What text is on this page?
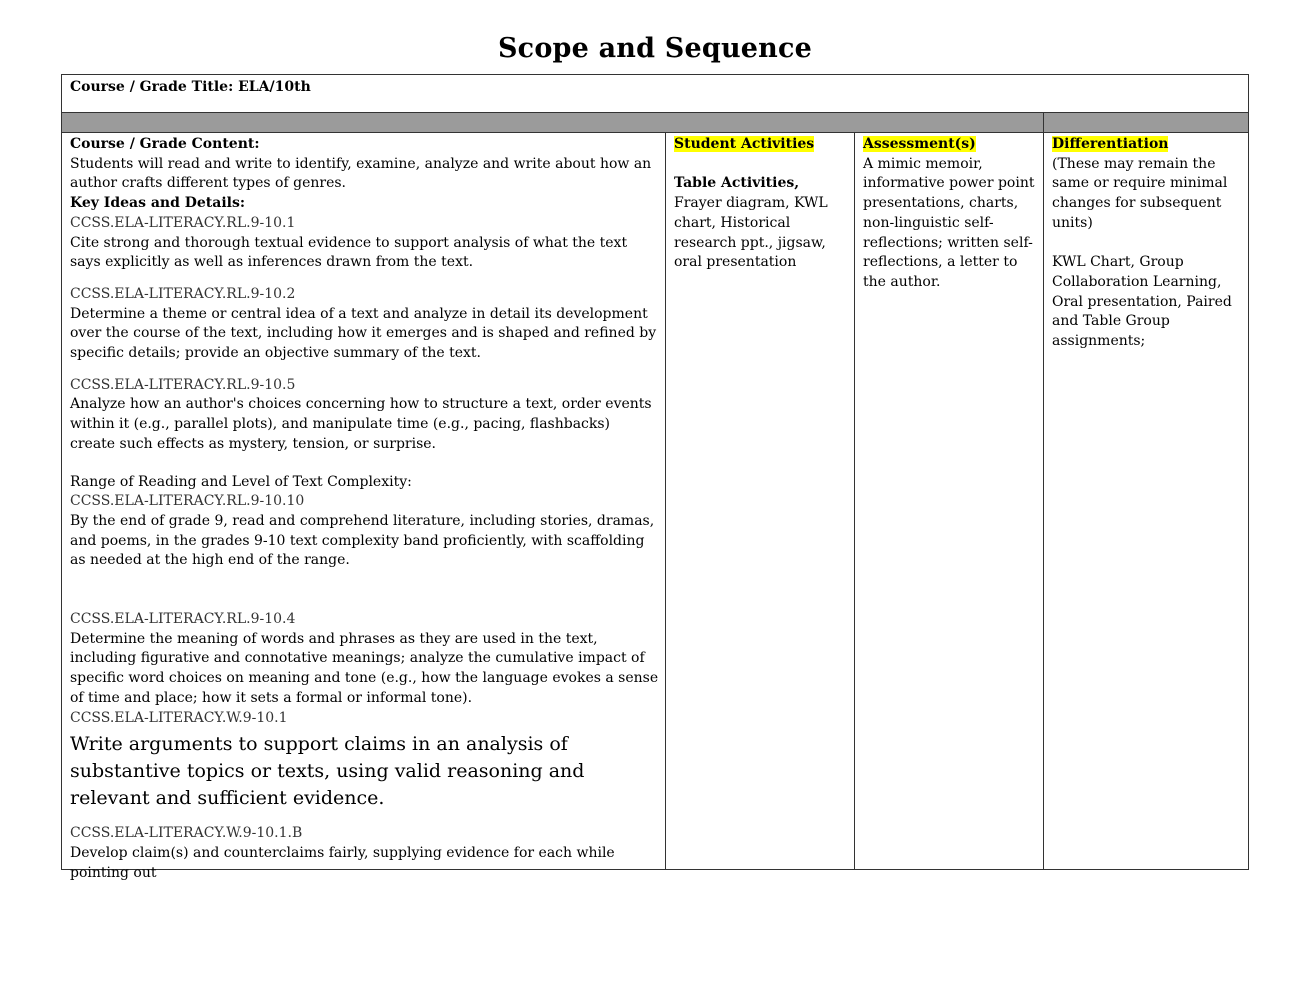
Scope and Sequence
Course / Grade Title: ELA/10th

Course / Grade Content:

Students will read and write to identify, examine, analyze and write about how an author crafts different types of genres.

Key Ideas and Details:

CCSS.ELA-LITERACY.RL.9-10.1

Cite strong and thorough textual evidence to support analysis of what the text says explicitly as well as inferences drawn from the text.

CCSS.ELA-LITERACY.RL.9-10.2

Determine a theme or central idea of a text and analyze in detail its development over the course of the text, including how it emerges and is shaped and refined by specific details; provide an objective summary of the text.

CCSS.ELA-LITERACY.RL.9-10.5

Analyze how an author's choices concerning how to structure a text, order events within it (e.g., parallel plots), and manipulate time (e.g., pacing, flashbacks) create such effects as mystery, tension, or surprise.

Range of Reading and Level of Text Complexity:

CCSS.ELA-LITERACY.RL.9-10.10

By the end of grade 9, read and comprehend literature, including stories, dramas, and poems, in the grades 9-10 text complexity band proficiently, with scaffolding as needed at the high end of the range.

CCSS.ELA-LITERACY.RL.9-10.4

Determine the meaning of words and phrases as they are used in the text, including figurative and connotative meanings; analyze the cumulative impact of specific word choices on meaning and tone (e.g., how the language evokes a sense of time and place; how it sets a formal or informal tone).

CCSS.ELA-LITERACY.W.9-10.1

Write arguments to support claims in an analysis of substantive topics or texts, using valid reasoning and relevant and sufficient evidence.

CCSS.ELA-LITERACY.W.9-10.1.B

Develop claim(s) and counterclaims fairly, supplying evidence for each while pointing out

Student Activities

Table Activities, Frayer diagram, KWL chart, Historical research ppt., jigsaw, oral presentation

Assessment(s)

A mimic memoir, informative power point presentations, charts, non-linguistic self-reflections; written self-reflections, a letter to the author.

Differentiation

(These may remain the same or require minimal changes for subsequent units)

KWL Chart, Group Collaboration Learning, Oral presentation, Paired and Table Group assignments;
